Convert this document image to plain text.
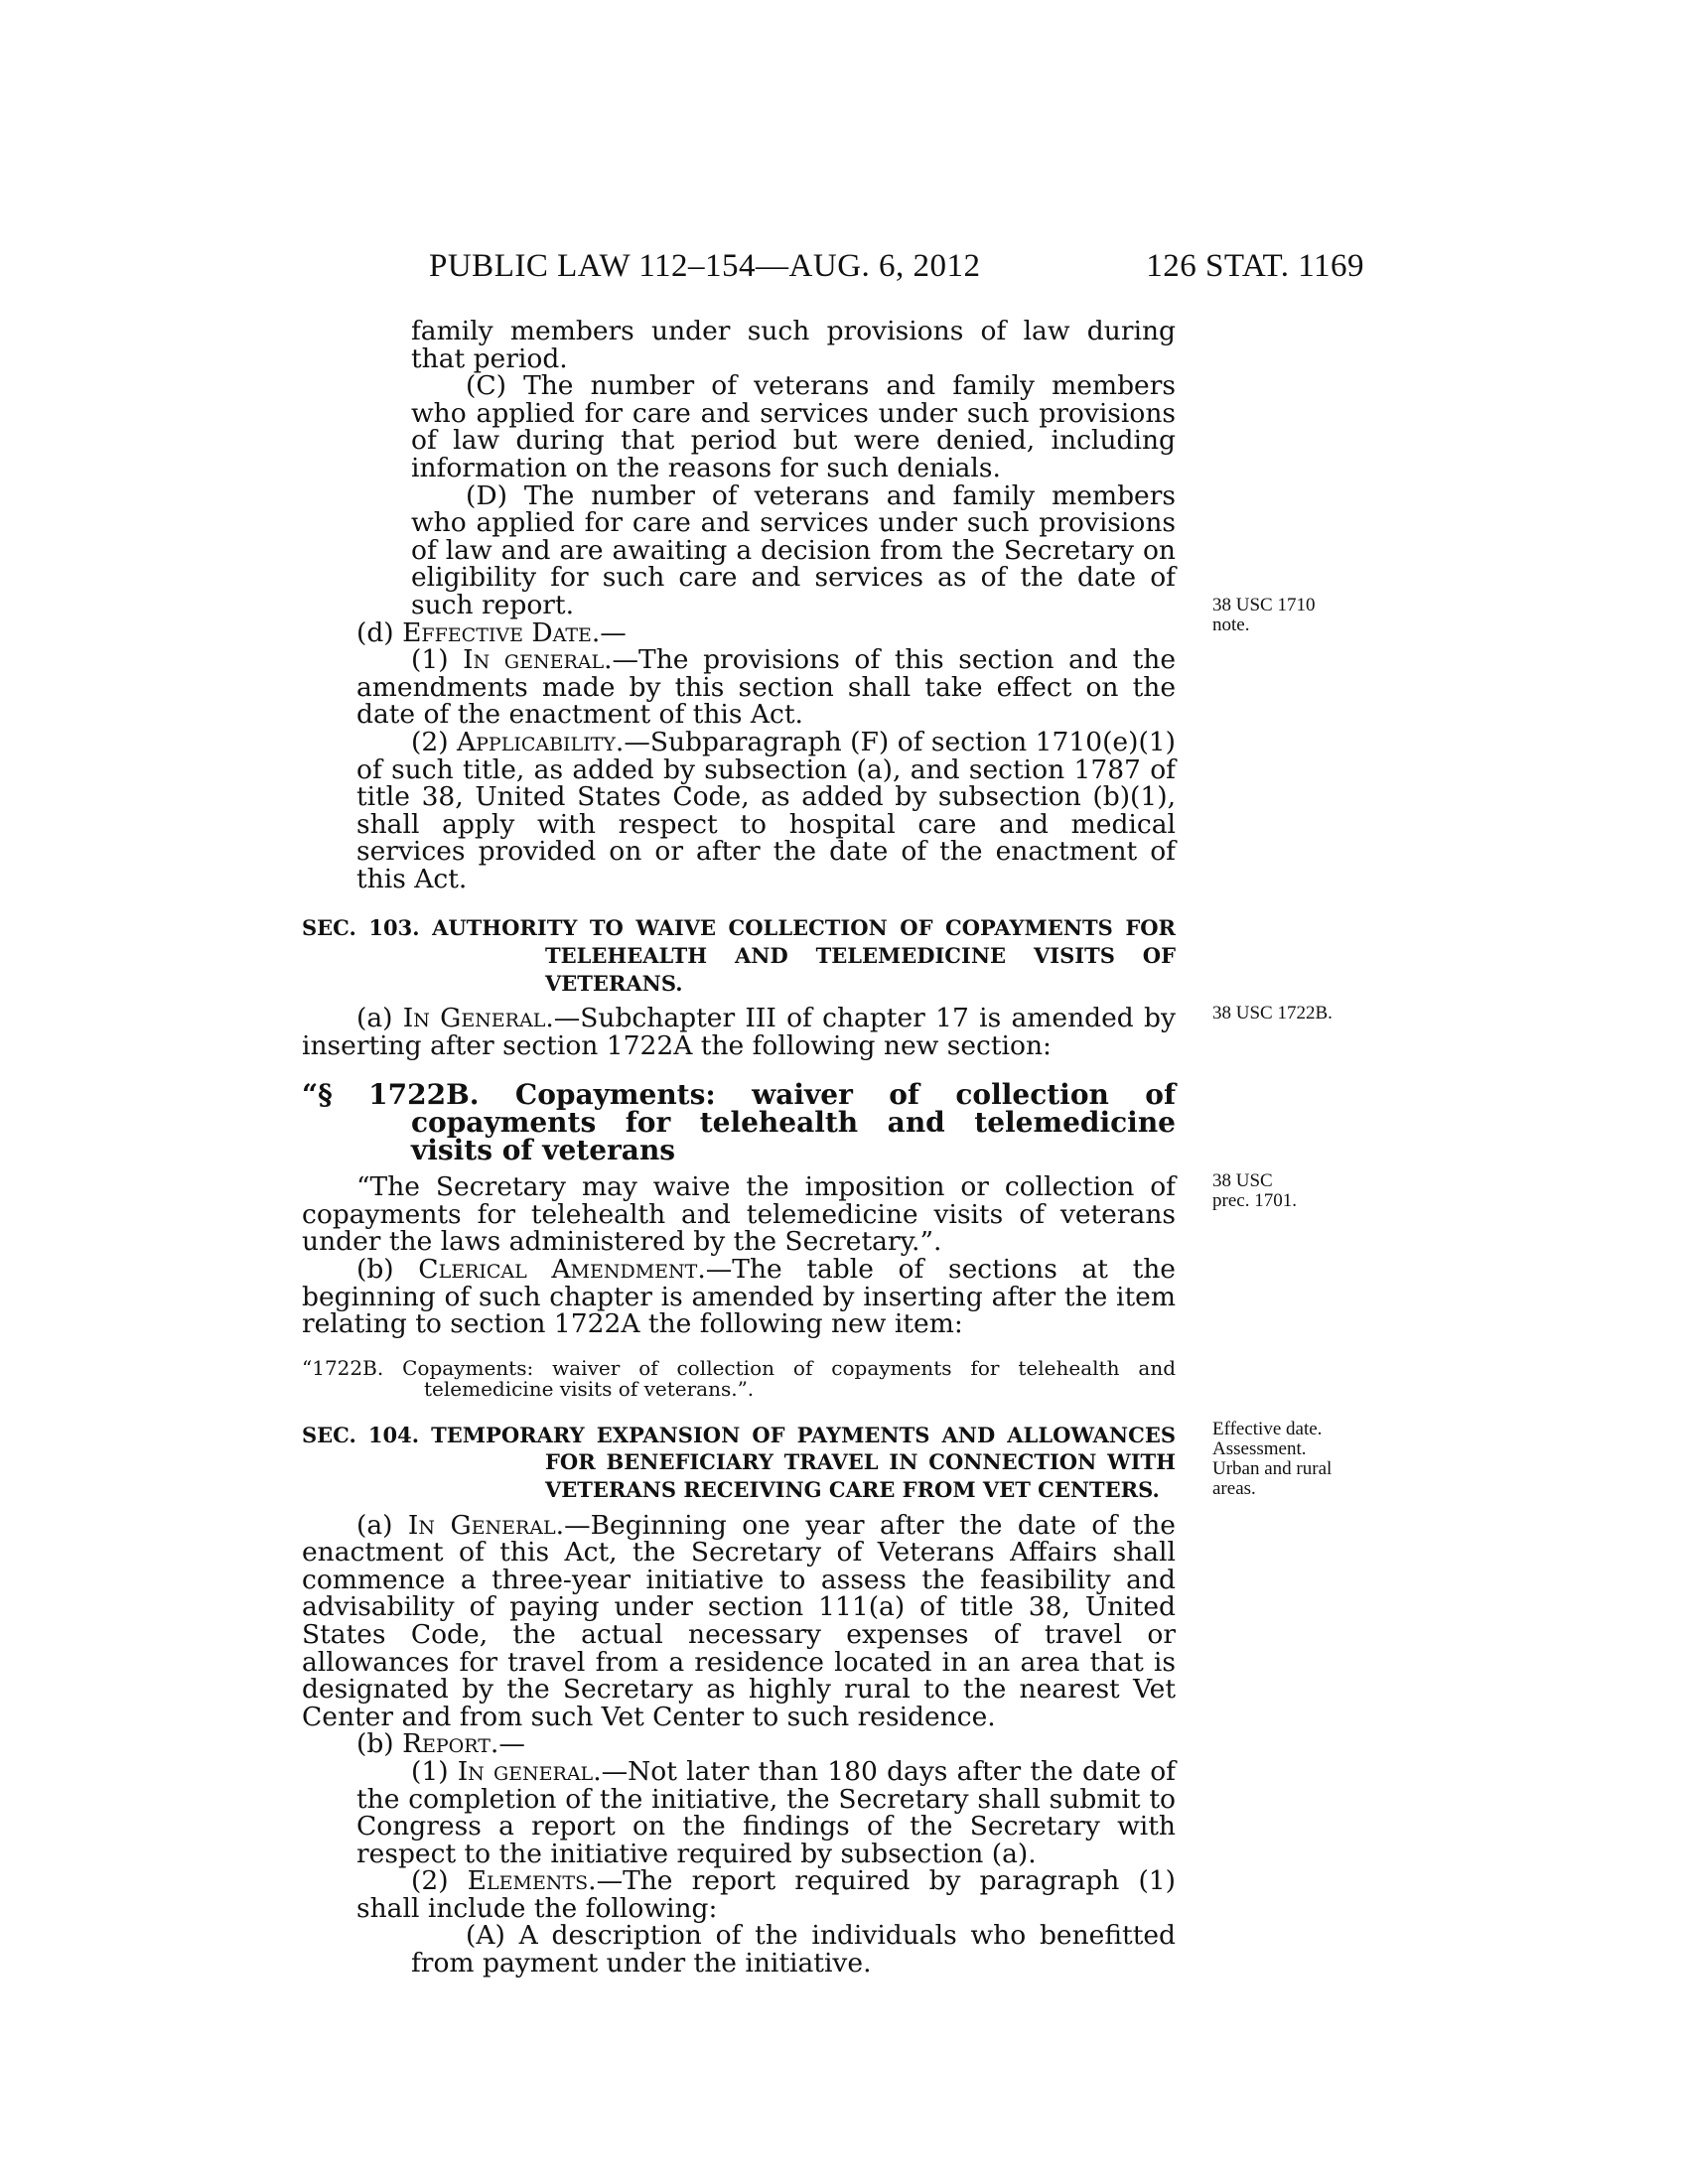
PUBLIC LAW 112–154—AUG. 6, 2012	126 STAT. 1169

family members under such provisions of law during that period.

(C) The number of veterans and family members who applied for care and services under such provisions of law during that period but were denied, including information on the reasons for such denials.

(D) The number of veterans and family members who applied for care and services under such provisions of law and are awaiting a decision from the Secretary on eligibility for such care and services as of the date of such report.

(d) Effective Date.—

(1) In general.—The provisions of this section and the amendments made by this section shall take effect on the date of the enactment of this Act.

(2) Applicability.—Subparagraph (F) of section 1710(e)(1) of such title, as added by subsection (a), and section 1787 of title 38, United States Code, as added by subsection (b)(1), shall apply with respect to hospital care and medical services provided on or after the date of the enactment of this Act.

SEC. 103. AUTHORITY TO WAIVE COLLECTION OF COPAYMENTS FOR TELEHEALTH AND TELEMEDICINE VISITS OF VETERANS.

(a) In General.—Subchapter III of chapter 17 is amended by inserting after section 1722A the following new section:

“§ 1722B. Copayments: waiver of collection of copayments for telehealth and telemedicine visits of veterans

“The Secretary may waive the imposition or collection of copayments for telehealth and telemedicine visits of veterans under the laws administered by the Secretary.”.

(b) Clerical Amendment.—The table of sections at the beginning of such chapter is amended by inserting after the item relating to section 1722A the following new item:

“1722B. Copayments: waiver of collection of copayments for telehealth and telemedicine visits of veterans.”.

SEC. 104. TEMPORARY EXPANSION OF PAYMENTS AND ALLOWANCES FOR BENEFICIARY TRAVEL IN CONNECTION WITH VETERANS RECEIVING CARE FROM VET CENTERS.

(a) In General.—Beginning one year after the date of the enactment of this Act, the Secretary of Veterans Affairs shall commence a three-year initiative to assess the feasibility and advisability of paying under section 111(a) of title 38, United States Code, the actual necessary expenses of travel or allowances for travel from a residence located in an area that is designated by the Secretary as highly rural to the nearest Vet Center and from such Vet Center to such residence.

(b) Report.—

(1) In general.—Not later than 180 days after the date of the completion of the initiative, the Secretary shall submit to Congress a report on the findings of the Secretary with respect to the initiative required by subsection (a).

(2) Elements.—The report required by paragraph (1) shall include the following:

(A) A description of the individuals who benefitted from payment under the initiative.

38 USC 1710
note.
38 USC 1722B.
38 USC
prec. 1701.
Effective date.
Assessment.
Urban and rural
areas.
